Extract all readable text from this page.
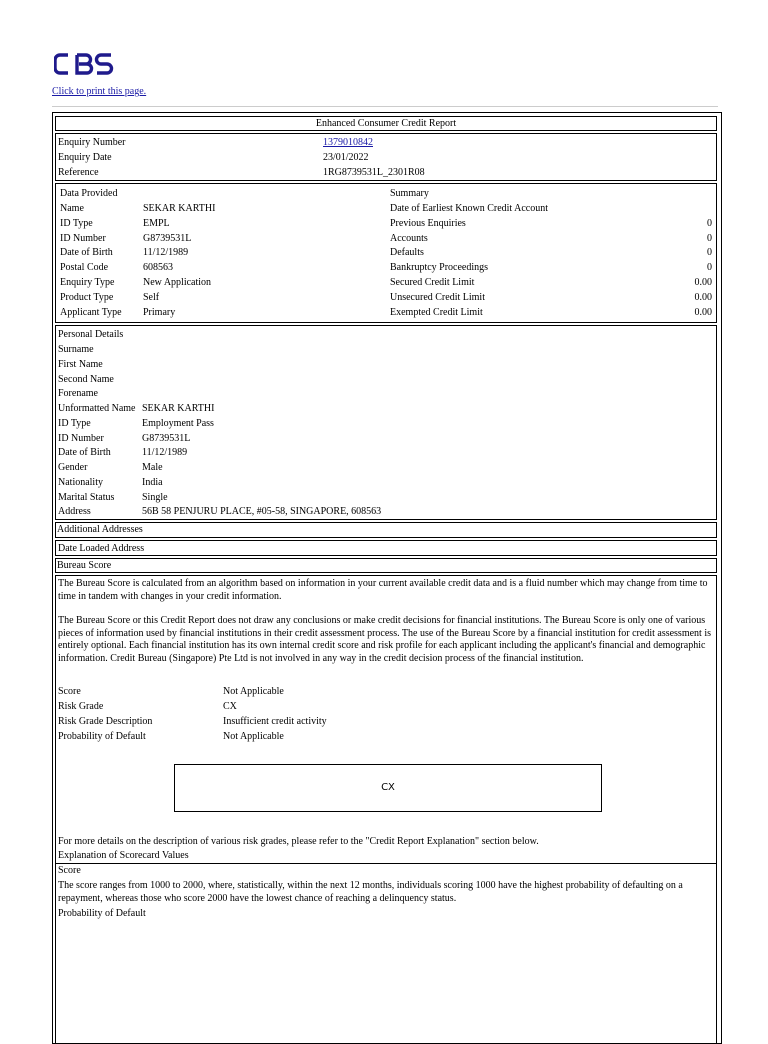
Click to print this page.
Enhanced Consumer Credit Report
Enquiry Number	1379010842
Enquiry Date	23/01/2022
Reference	1RG8739531L_2301R08
Data Provided	Summary
Name	SEKAR KARTHI
ID Type	EMPL
ID Number	G8739531L
Date of Birth	11/12/1989
Postal Code	608563
Enquiry Type	New Application
Product Type	Self
Applicant Type Primary
Date of Earliest Known Credit Account
Previous Enquiries	0
Accounts	0
Defaults	0
Bankruptcy Proceedings	0
Secured Credit Limit	0.00
Unsecured Credit Limit	0.00
Exempted Credit Limit	0.00
Personal Details
Surname
First Name
Second Name
Forename
Unformatted Name SEKAR KARTHI
ID Type	Employment Pass
ID Number	G8739531L
Date of Birth	11/12/1989
Gender	Male
Nationality	India
Marital Status	Single
Address	56B 58 PENJURU PLACE, #05-58, SINGAPORE, 608563
Additional Addresses
Date Loaded Address
Bureau Score
The Bureau Score is calculated from an algorithm based on information in your current available credit data and is a fluid number which may change from time to time in tandem with changes in your credit information.
The Bureau Score or this Credit Report does not draw any conclusions or make credit decisions for financial institutions. The Bureau Score is only one of various pieces of information used by financial institutions in their credit assessment process. The use of the Bureau Score by a financial institution for credit assessment is entirely optional. Each financial institution has its own internal credit score and risk profile for each applicant including the applicant's financial and demographic information. Credit Bureau (Singapore) Pte Ltd is not involved in any way in the credit decision process of the financial institution.
Score	Not Applicable
Risk Grade	CX
Risk Grade Description	Insufficient credit activity
Probability of Default	Not Applicable
CX
For more details on the description of various risk grades, please refer to the "Credit Report Explanation" section below.
Explanation of Scorecard Values
Score
The score ranges from 1000 to 2000, where, statistically, within the next 12 months, individuals scoring 1000 have the highest probability of defaulting on a repayment, whereas those who score 2000 have the lowest chance of reaching a delinquency status.
Probability of Default
